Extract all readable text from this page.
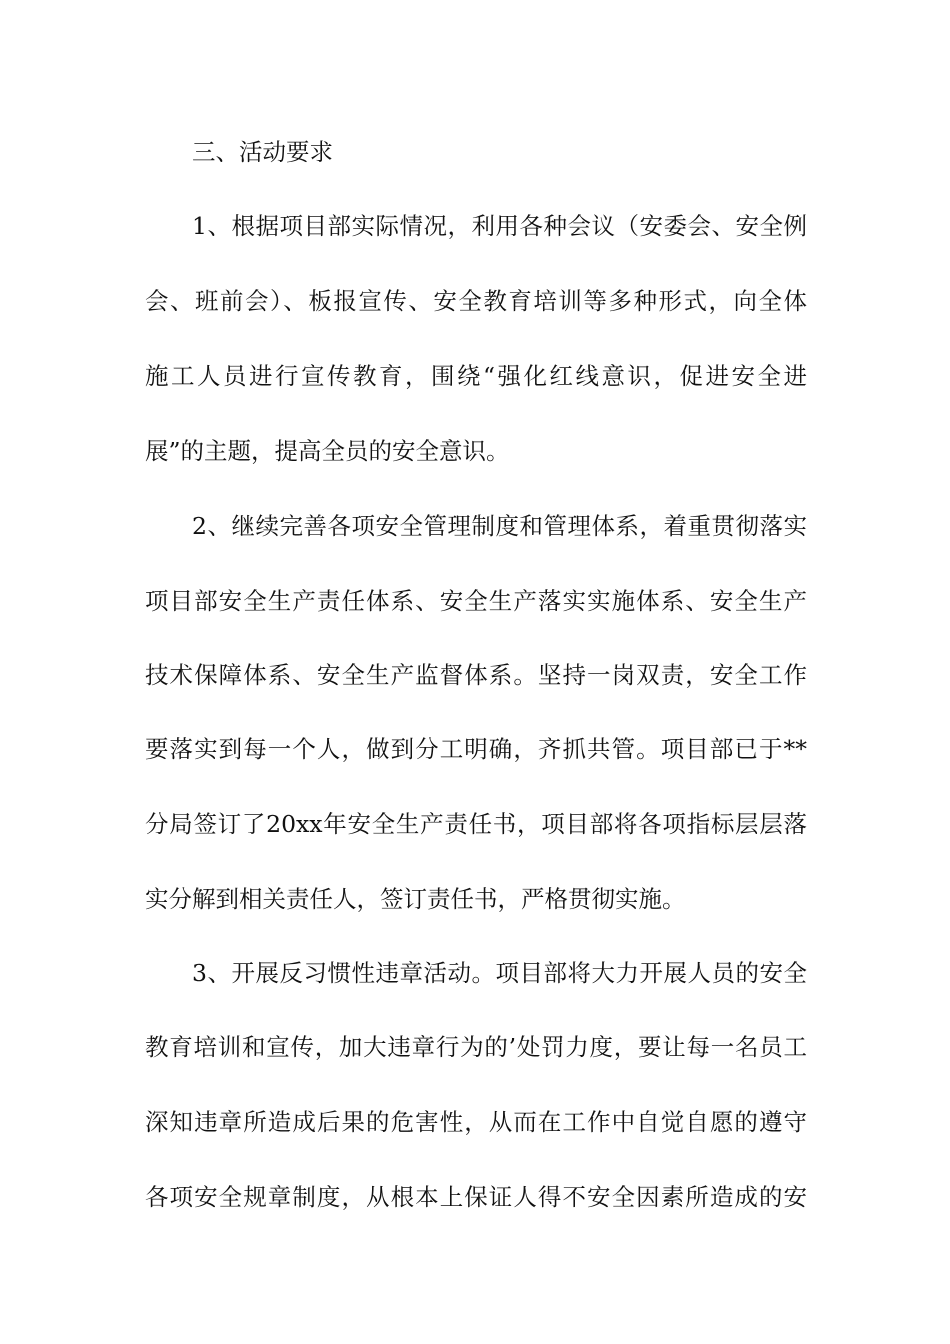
三、活动要求
1、根据项目部实际情况，利用各种会议（安委会、安全例
会、班前会）、板报宣传、安全教育培训等多种形式，向全体
施工人员进行宣传教育，围绕“强化红线意识，促进安全进
展”的主题，提高全员的安全意识。
2、继续完善各项安全管理制度和管理体系，着重贯彻落实
项目部安全生产责任体系、安全生产落实实施体系、安全生产
技术保障体系、安全生产监督体系。坚持一岗双责，安全工作
要落实到每一个人，做到分工明确，齐抓共管。项目部已于**
分局签订了20xx年安全生产责任书，项目部将各项指标层层落
实分解到相关责任人，签订责任书，严格贯彻实施。
3、开展反习惯性违章活动。项目部将大力开展人员的安全
教育培训和宣传，加大违章行为的’处罚力度，要让每一名员工
深知违章所造成后果的危害性，从而在工作中自觉自愿的遵守
各项安全规章制度，从根本上保证人得不安全因素所造成的安
